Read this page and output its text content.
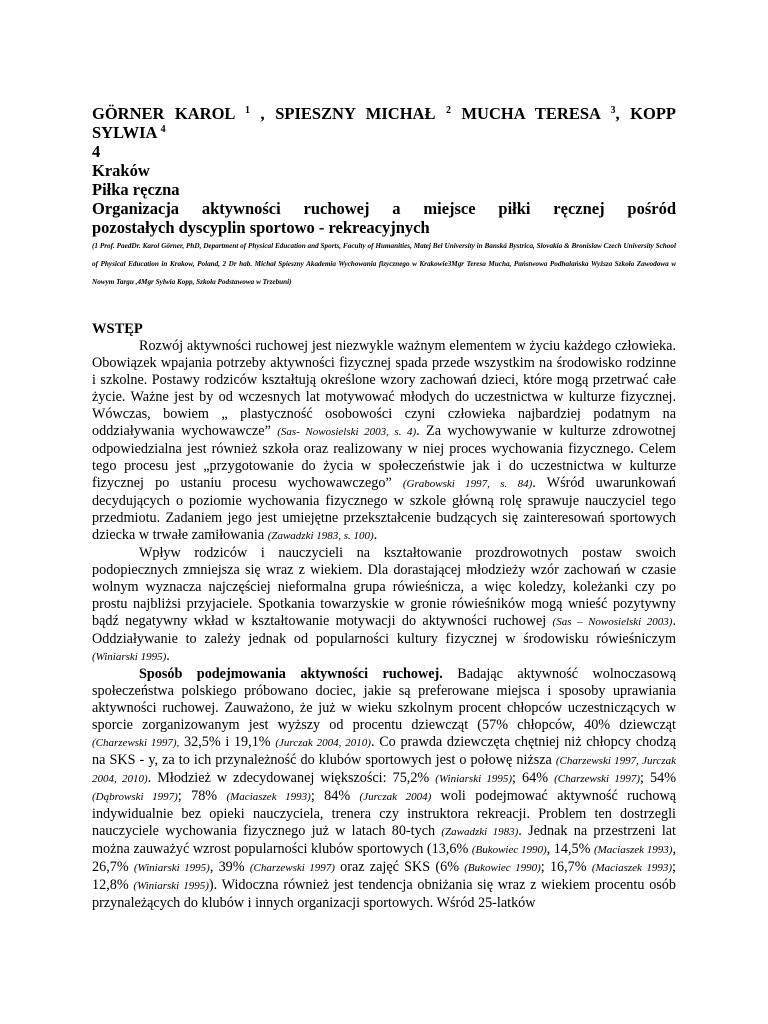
GÖRNER KAROL $^1$ , SPIESZNY MICHAŁ $^2$ MUCHA TERESA $^3$, KOPP SYLWIA $^4$

4

Kraków

Piłka ręczna

Organizacja aktywności ruchowej a miejsce piłki ręcznej pośród
pozostałych dyscyplin sportowo - rekreacyjnych

(1 Prof. PaedDr. Karol Görner, PhD, Department of Physical Education and Sports, Faculty of Humanities, Matej Bel University in Banská Bystrica, Slovakia & Bronislaw Czech University School of Physical Education in Krakow, Poland, 2 Dr hab. Michał Spieszny Akademia Wychowania fizycznego w Krakowie3Mgr Teresa Mucha, Państwowa Podhalańska Wyższa Szkoła Zawodowa w Nowym Targu ,4Mgr Sylwia Kopp, Szkoła Podstawowa w Trzebuni)
WSTĘP

Rozwój aktywności ruchowej jest niezwykle ważnym elementem w życiu każdego człowieka. Obowiązek wpajania potrzeby aktywności fizycznej spada przede wszystkim na środowisko rodzinne i szkolne. Postawy rodziców kształtują określone wzory zachowań dzieci, które mogą przetrwać całe życie. Ważne jest by od wczesnych lat motywować młodych do uczestnictwa w kulturze fizycznej. Wówczas, bowiem „ plastyczność osobowości czyni człowieka najbardziej podatnym na oddziaływania wychowawcze” (Sas- Nowosielski 2003, s. 4). Za wychowywanie w kulturze zdrowotnej odpowiedzialna jest również szkoła oraz realizowany w niej proces wychowania fizycznego. Celem tego procesu jest „przygotowanie do życia w społeczeństwie jak i do uczestnictwa w kulturze fizycznej po ustaniu procesu wychowawczego” (Grabowski 1997, s. 84). Wśród uwarunkowań decydujących o poziomie wychowania fizycznego w szkole główną rolę sprawuje nauczyciel tego przedmiotu. Zadaniem jego jest umiejętne przekształcenie budzących się zainteresowań sportowych dziecka w trwałe zamiłowania (Zawadzki 1983, s. 100).

Wpływ rodziców i nauczycieli na kształtowanie prozdrowotnych postaw swoich podopiecznych zmniejsza się wraz z wiekiem. Dla dorastającej młodzieży wzór zachowań w czasie wolnym wyznacza najczęściej nieformalna grupa rówieśnicza, a więc koledzy, koleżanki czy po prostu najbliżsi przyjaciele. Spotkania towarzyskie w gronie rówieśników mogą wnieść pozytywny bądź negatywny wkład w kształtowanie motywacji do aktywności ruchowej (Sas – Nowosielski 2003). Oddziaływanie to zależy jednak od popularności kultury fizycznej w środowisku rówieśniczym (Winiarski 1995).

Sposób podejmowania aktywności ruchowej. Badając aktywność wolnoczasową społeczeństwa polskiego próbowano dociec, jakie są preferowane miejsca i sposoby uprawiania aktywności ruchowej. Zauważono, że już w wieku szkolnym procent chłopców uczestniczących w sporcie zorganizowanym jest wyższy od procentu dziewcząt (57% chłopców, 40% dziewcząt (Charzewski 1997), 32,5% i 19,1% (Jurczak 2004, 2010). Co prawda dziewczęta chętniej niż chłopcy chodzą na SKS - y, za to ich przynależność do klubów sportowych jest o połowę niższa (Charzewski 1997, Jurczak 2004, 2010). Młodzież w zdecydowanej większości: 75,2% (Winiarski 1995); 64% (Charzewski 1997); 54% (Dąbrowski 1997); 78% (Maciaszek 1993); 84% (Jurczak 2004) woli podejmować aktywność ruchową indywidualnie bez opieki nauczyciela, trenera czy instruktora rekreacji. Problem ten dostrzegli nauczyciele wychowania fizycznego już w latach 80-tych (Zawadzki 1983). Jednak na przestrzeni lat można zauważyć wzrost popularności klubów sportowych (13,6% (Bukowiec 1990), 14,5% (Maciaszek 1993), 26,7% (Winiarski 1995), 39% (Charzewski 1997) oraz zajęć SKS (6% (Bukowiec 1990); 16,7% (Maciaszek 1993); 12,8% (Winiarski 1995)). Widoczna również jest tendencja obniżania się wraz z wiekiem procentu osób przynależących do klubów i innych organizacji sportowych. Wśród 25-latków
